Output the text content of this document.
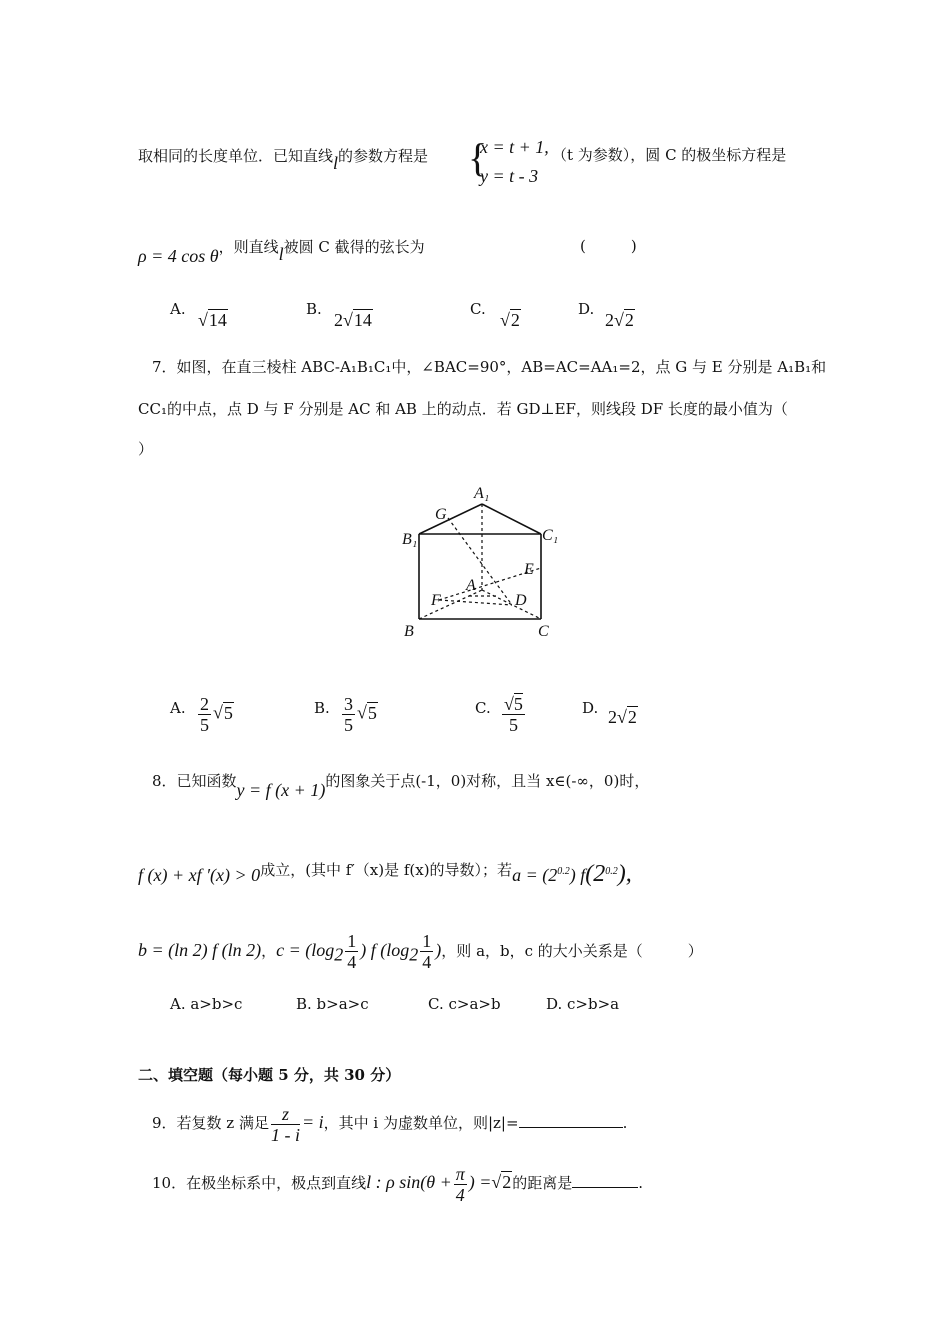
取相同的长度单位．已知直线l的参数方程是 {
x = t + 1,
y = t - 3
（t 为参数），圆 C 的极坐标方程是
ρ = 4 cos θ，则直线l被圆 C 截得的弦长为	(　　　)
A.
√14
B.
2√14
C.
√2
D.
2√2
7．如图，在直三棱柱 ABC-A₁B₁C₁中，∠BAC=90°，AB=AC=AA₁=2，点 G 与 E 分别是 A₁B₁和
CC₁的中点，点 D 与 F 分别是 AC 和 AB 上的动点．若 GD⊥EF，则线段 DF 长度的最小值为（
）
A₁
G
B₁	C₁
E
A
F	D
B	C
A. $\frac{2}{5} √5$	B. $\frac{3}{5} √5$	C. $\frac{√5}{5}$	D. 2√2
8．已知函数y = f (x + 1)的图象关于点(-1，0)对称，且当 x∈(-∞，0)时，
f (x) + xf ′(x) > 0成立，(其中 f′（x)是 f(x)的导数）；若$a = (2^{0.2})$ $f(2^{0.2})$,
b = (ln 2) f (ln 2)，$c = (\log_2 \frac{1}{4}$ ) f ($\log_2 \frac{1}{4}$ )，则 a，b，c 的大小关系是（　　　）
A. a>b>c	B. b>a>c	C. c>a>b	D. c>b>a
二、填空题（每小题 5 分，共 30 分）
9．若复数 z 满足 $\frac{z}{1 - i} = i$，其中 i 为虚数单位，则|z|=	.
10．在极坐标系中，极点到直线l : ρ $\sin(\theta + \frac{\pi}{4}$ ) =√2的距离是	.
